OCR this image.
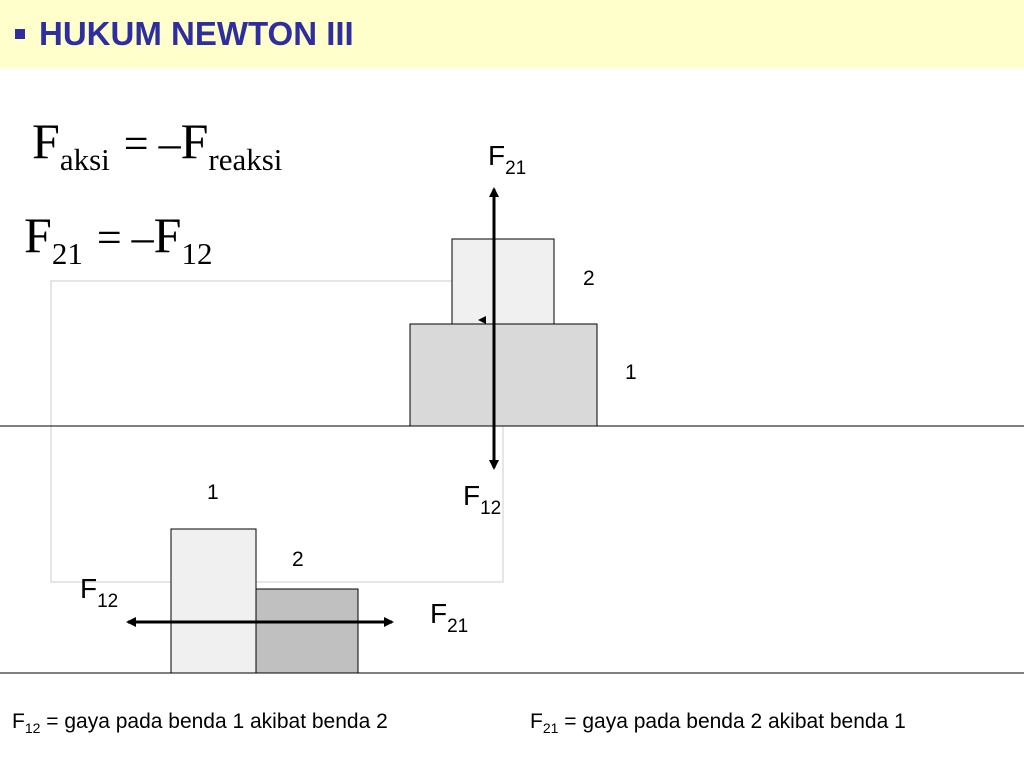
HUKUM NEWTON III
Faksi = –Freaksi
F21 = –F12
$F_{21}$
2
1
$F_{12}$
1
2
$F_{12}$	$F_{21}$
$F_{12}$ = gaya pada benda 1 akibat benda 2	$F_{21}$ = gaya pada benda 2 akibat benda 1
